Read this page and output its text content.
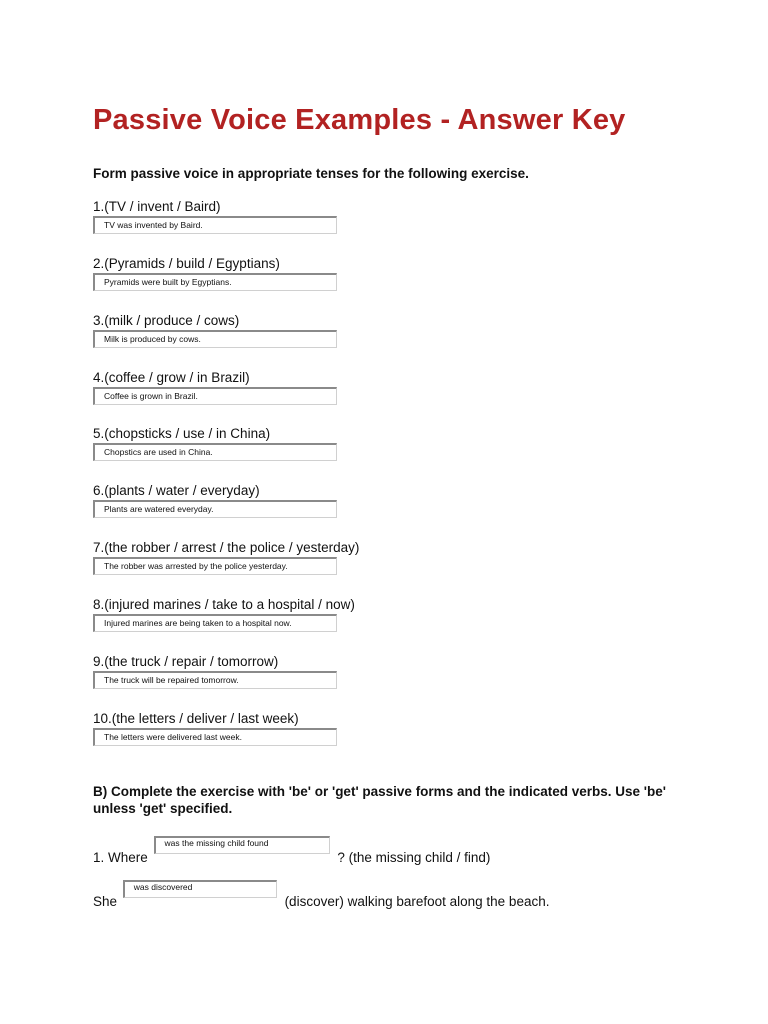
Passive Voice Examples - Answer Key
Form passive voice in appropriate tenses for the following exercise.
1.(TV / invent / Baird)
TV was invented by Baird.
2.(Pyramids / build / Egyptians)
Pyramids were built by Egyptians.
3.(milk / produce / cows)
Milk is produced by cows.
4.(coffee / grow / in Brazil)
Coffee is grown in Brazil.
5.(chopsticks / use / in China)
Chopstics are used in China.
6.(plants / water / everyday)
Plants are watered everyday.
7.(the robber / arrest / the police / yesterday)
The robber was arrested by the police yesterday.
8.(injured marines / take to a hospital / now)
Injured marines are being taken to a hospital now.
9.(the truck / repair / tomorrow)
The truck will be repaired tomorrow.
10.(the letters / deliver / last week)
The letters were delivered last week.
B) Complete the exercise with 'be' or 'get' passive forms and the indicated verbs. Use 'be' unless 'get' specified.
1. Where was the missing child found ? (the missing child / find)
She was discovered (discover) walking barefoot along the beach.
